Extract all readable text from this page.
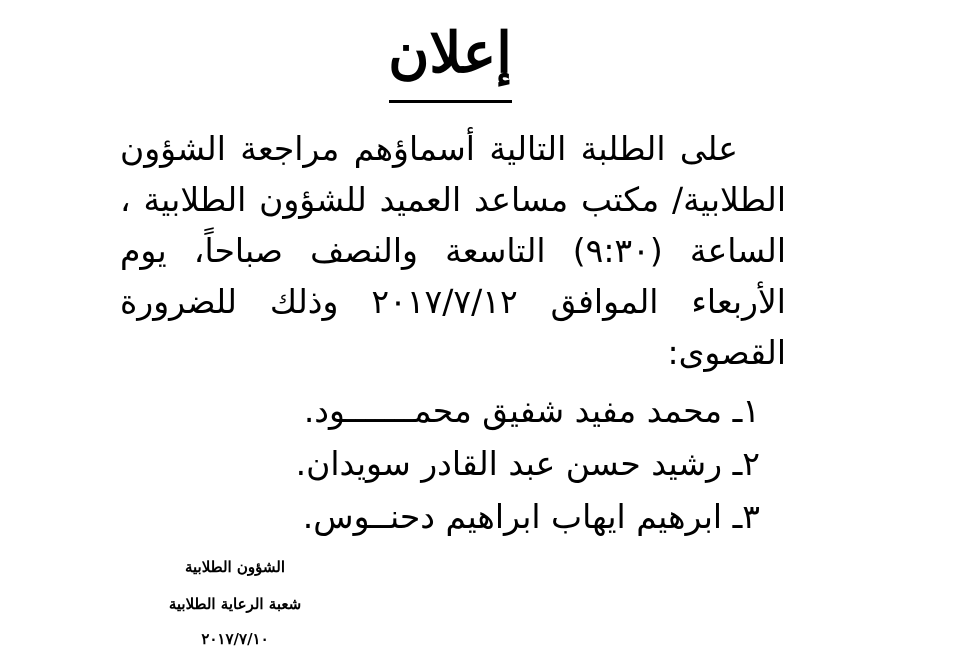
إعلان
على الطلبة التالية أسماؤهم مراجعة الشؤون الطلابية/ مكتب مساعد العميد للشؤون الطلابية ، الساعة (٩:٣٠) التاسعة والنصف صباحاً، يوم الأربعاء الموافق ٢٠١٧/٧/١٢ وذلك للضرورة القصوى:
١ـ محمد مفيد شفيق محمـــــــود.
٢ـ رشيد حسن عبد القادر سويدان.
٣ـ ابرهيم ايهاب ابراهيم دحنــوس.
الشؤون الطلابية
شعبة الرعاية الطلابية
٢٠١٧/٧/١٠
